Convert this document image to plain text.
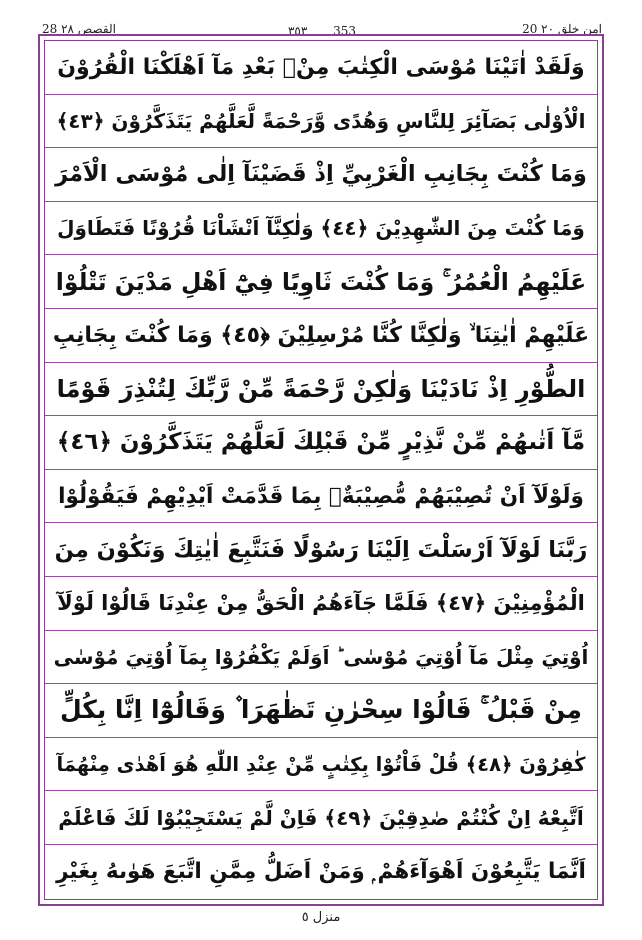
20 امن خلق ٢٠
٣٥٣ 353
28 القصص ٢٨
وَلَقَدْ اٰتَيْنَا مُوْسَى الْكِتٰبَ مِنْۢ بَعْدِ مَآ اَهْلَكْنَا الْقُرُوْنَ
الْاُوْلٰى بَصَآئِرَ لِلنَّاسِ وَهُدًى وَّرَحْمَةً لَّعَلَّهُمْ يَتَذَكَّرُوْنَ ﴿٤٣﴾
وَمَا كُنْتَ بِجَانِبِ الْغَرْبِيِّ اِذْ قَضَيْنَآ اِلٰى مُوْسَى الْاَمْرَ
وَمَا كُنْتَ مِنَ الشّٰهِدِيْنَ ﴿٤٤﴾ وَلٰكِنَّآ اَنْشَاْنَا قُرُوْنًا فَتَطَاوَلَ
عَلَيْهِمُ الْعُمُرُ ۚ وَمَا كُنْتَ ثَاوِيًا فِيْٓ اَهْلِ مَدْيَنَ تَتْلُوْا
عَلَيْهِمْ اٰيٰتِنَا ۙ وَلٰكِنَّا كُنَّا مُرْسِلِيْنَ ﴿٤٥﴾ وَمَا كُنْتَ بِجَانِبِ
الطُّوْرِ اِذْ نَادَيْنَا وَلٰكِنْ رَّحْمَةً مِّنْ رَّبِّكَ لِتُنْذِرَ قَوْمًا
مَّآ اَتٰىهُمْ مِّنْ نَّذِيْرٍ مِّنْ قَبْلِكَ لَعَلَّهُمْ يَتَذَكَّرُوْنَ ﴿٤٦﴾
وَلَوْلَآ اَنْ تُصِيْبَهُمْ مُّصِيْبَةٌۢ بِمَا قَدَّمَتْ اَيْدِيْهِمْ فَيَقُوْلُوْا
رَبَّنَا لَوْلَآ اَرْسَلْتَ اِلَيْنَا رَسُوْلًا فَنَتَّبِعَ اٰيٰتِكَ وَنَكُوْنَ مِنَ
الْمُؤْمِنِيْنَ ﴿٤٧﴾ فَلَمَّا جَآءَهُمُ الْحَقُّ مِنْ عِنْدِنَا قَالُوْا لَوْلَآ
اُوْتِيَ مِثْلَ مَآ اُوْتِيَ مُوْسٰى ؕ اَوَلَمْ يَكْفُرُوْا بِمَآ اُوْتِيَ مُوْسٰى
مِنْ قَبْلُ ۚ قَالُوْا سِحْرٰنِ تَظٰهَرَا ۫ وَقَالُوْٓا اِنَّا بِكُلٍّ
كٰفِرُوْنَ ﴿٤٨﴾ قُلْ فَاْتُوْا بِكِتٰبٍ مِّنْ عِنْدِ اللّٰهِ هُوَ اَهْدٰى مِنْهُمَآ
اَتَّبِعْهُ اِنْ كُنْتُمْ صٰدِقِيْنَ ﴿٤٩﴾ فَاِنْ لَّمْ يَسْتَجِيْبُوْا لَكَ فَاعْلَمْ
اَنَّمَا يَتَّبِعُوْنَ اَهْوَآءَهُمْ ۭ وَمَنْ اَضَلُّ مِمَّنِ اتَّبَعَ هَوٰىهُ بِغَيْرِ
منزل ٥
